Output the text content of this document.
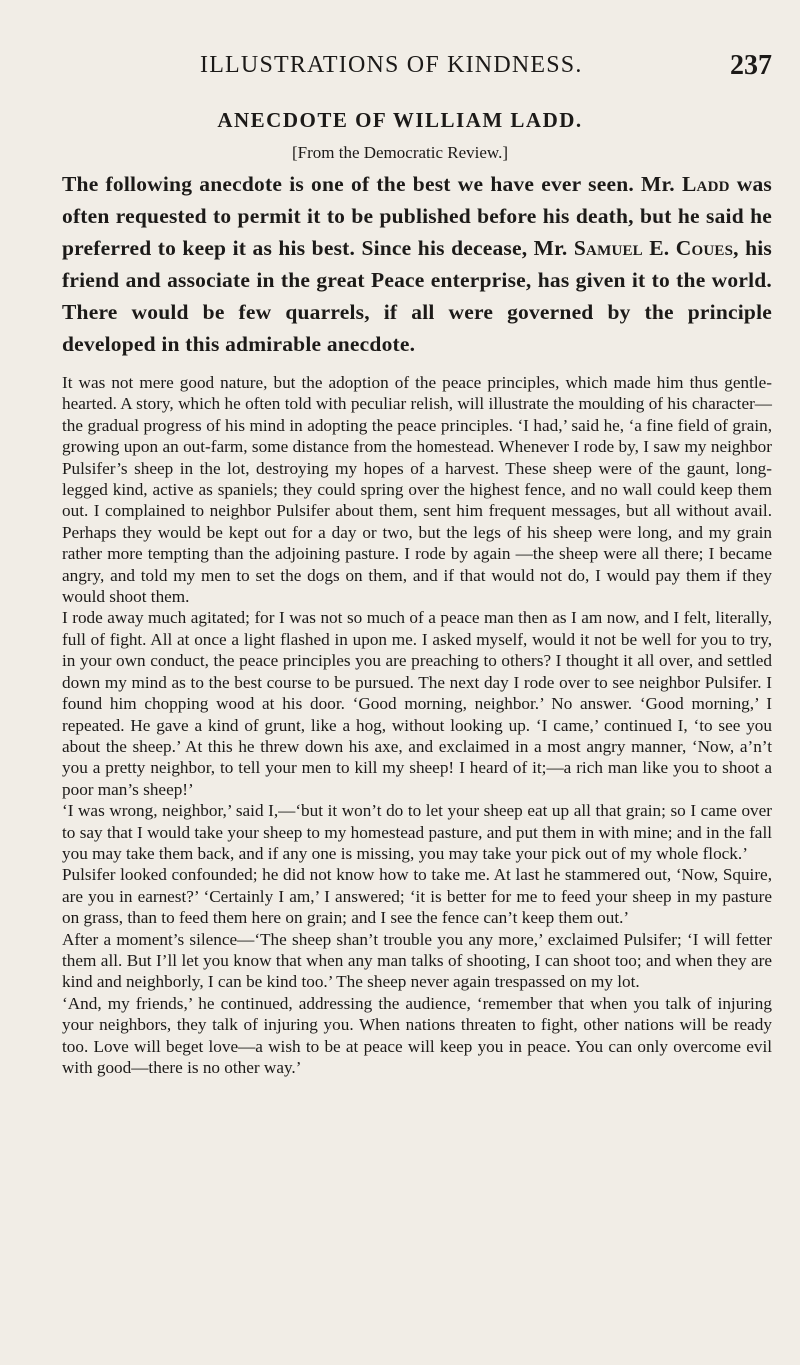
ILLUSTRATIONS OF KINDNESS.	237
ANECDOTE OF WILLIAM LADD.
[From the Democratic Review.]

The following anecdote is one of the best we have ever seen. Mr. Ladd was often requested to permit it to be published before his death, but he said he preferred to keep it as his best. Since his decease, Mr. Samuel E. Coues, his friend and associate in the great Peace enterprise, has given it to the world. There would be few quarrels, if all were governed by the principle developed in this admirable anecdote.

It was not mere good nature, but the adoption of the peace principles, which made him thus gentle-hearted. A story, which he often told with peculiar relish, will illustrate the moulding of his character—the gradual progress of his mind in adopting the peace principles. ‘I had,’ said he, ‘a fine field of grain, growing upon an out-farm, some distance from the homestead. Whenever I rode by, I saw my neighbor Pulsifer’s sheep in the lot, destroying my hopes of a harvest. These sheep were of the gaunt, long-legged kind, active as spaniels; they could spring over the highest fence, and no wall could keep them out. I complained to neighbor Pulsifer about them, sent him frequent messages, but all without avail. Perhaps they would be kept out for a day or two, but the legs of his sheep were long, and my grain rather more tempting than the adjoining pasture. I rode by again —the sheep were all there; I became angry, and told my men to set the dogs on them, and if that would not do, I would pay them if they would shoot them.

I rode away much agitated; for I was not so much of a peace man then as I am now, and I felt, literally, full of fight. All at once a light flashed in upon me. I asked myself, would it not be well for you to try, in your own conduct, the peace principles you are preaching to others? I thought it all over, and settled down my mind as to the best course to be pursued. The next day I rode over to see neighbor Pulsifer. I found him chopping wood at his door. ‘Good morning, neighbor.’ No answer. ‘Good morning,’ I repeated. He gave a kind of grunt, like a hog, without looking up. ‘I came,’ continued I, ‘to see you about the sheep.’ At this he threw down his axe, and exclaimed in a most angry manner, ‘Now, a’n’t you a pretty neighbor, to tell your men to kill my sheep! I heard of it;—a rich man like you to shoot a poor man’s sheep!’

‘I was wrong, neighbor,’ said I,—‘but it won’t do to let your sheep eat up all that grain; so I came over to say that I would take your sheep to my homestead pasture, and put them in with mine; and in the fall you may take them back, and if any one is missing, you may take your pick out of my whole flock.’

Pulsifer looked confounded; he did not know how to take me. At last he stammered out, ‘Now, Squire, are you in earnest?’ ‘Certainly I am,’ I answered; ‘it is better for me to feed your sheep in my pasture on grass, than to feed them here on grain; and I see the fence can’t keep them out.’

After a moment’s silence—‘The sheep shan’t trouble you any more,’ exclaimed Pulsifer; ‘I will fetter them all. But I’ll let you know that when any man talks of shooting, I can shoot too; and when they are kind and neighborly, I can be kind too.’ The sheep never again trespassed on my lot.

‘And, my friends,’ he continued, addressing the audience, ‘remember that when you talk of injuring your neighbors, they talk of injuring you. When nations threaten to fight, other nations will be ready too. Love will beget love—a wish to be at peace will keep you in peace. You can only overcome evil with good—there is no other way.’
